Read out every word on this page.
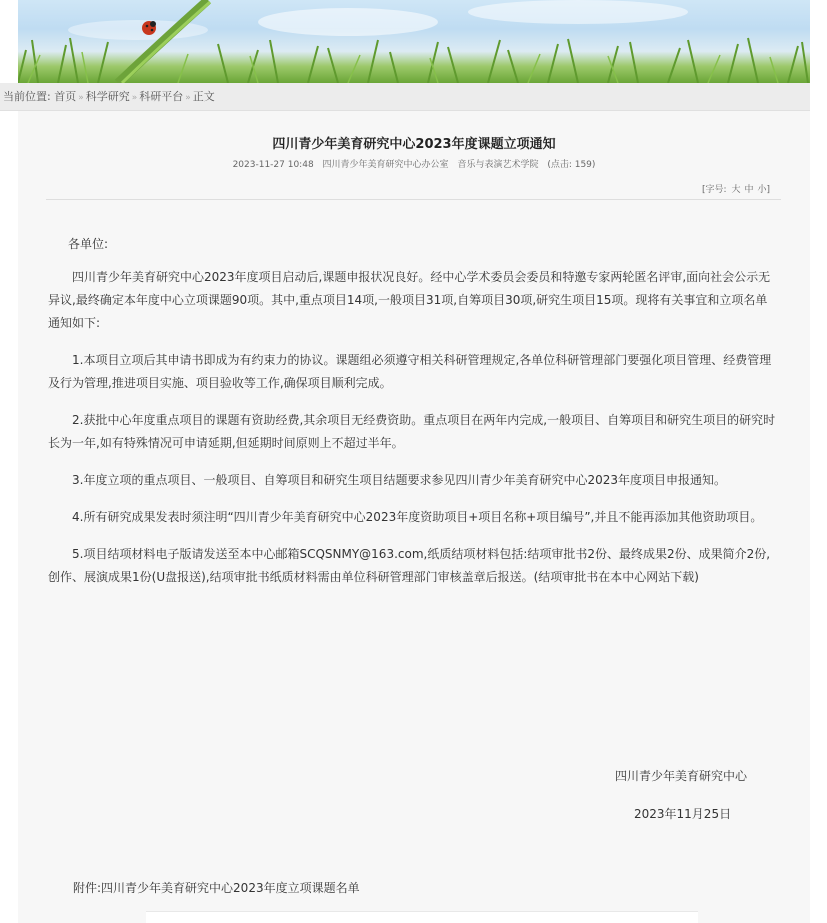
当前位置: 首页 » 科学研究 » 科研平台 » 正文
四川青少年美育研究中心2023年度课题立项通知
2023-11-27 10:48 四川青少年美育研究中心办公室 音乐与表演艺术学院 (点击: 159)
[字号: 大 中 小]

各单位:

四川青少年美育研究中心2023年度项目启动后,课题申报状况良好。经中心学术委员会委员和特邀专家两轮匿名评审,面向社会公示无异议,最终确定本年度中心立项课题90项。其中,重点项目14项,一般项目31项,自筹项目30项,研究生项目15项。现将有关事宜和立项名单通知如下:

1.本项目立项后其申请书即成为有约束力的协议。课题组必须遵守相关科研管理规定,各单位科研管理部门要强化项目管理、经费管理及行为管理,推进项目实施、项目验收等工作,确保项目顺利完成。

2.获批中心年度重点项目的课题有资助经费,其余项目无经费资助。重点项目在两年内完成,一般项目、自筹项目和研究生项目的研究时长为一年,如有特殊情况可申请延期,但延期时间原则上不超过半年。

3.年度立项的重点项目、一般项目、自筹项目和研究生项目结题要求参见四川青少年美育研究中心2023年度项目申报通知。

4.所有研究成果发表时须注明“四川青少年美育研究中心2023年度资助项目+项目名称+项目编号”,并且不能再添加其他资助项目。

5.项目结项材料电子版请发送至本中心邮箱SCQSNMY@163.com,纸质结项材料包括:结项审批书2份、最终成果2份、成果简介2份,创作、展演成果1份(U盘报送),结项审批书纸质材料需由单位科研管理部门审核盖章后报送。(结项审批书在本中心网站下载)

四川青少年美育研究中心
2023年11月25日
附件:四川青少年美育研究中心2023年度立项课题名单
